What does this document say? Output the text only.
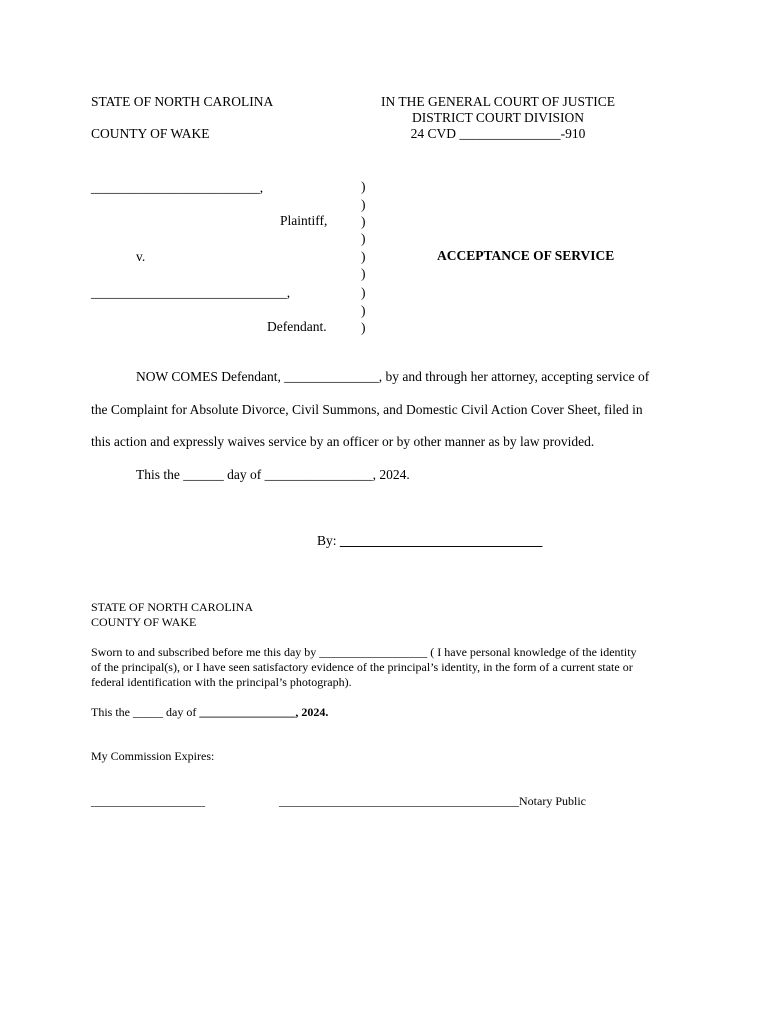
STATE OF NORTH CAROLINA
COUNTY OF WAKE
IN THE GENERAL COURT OF JUSTICE
DISTRICT COURT DIVISION
24 CVD _______________-910
_________________________,
Plaintiff,
v.
_____________________________,
Defendant.
)
)
)
)
)
)
)
)
)
ACCEPTANCE OF SERVICE
NOW COMES Defendant, ______________, by and through her attorney, accepting service of
the Complaint for Absolute Divorce, Civil Summons, and Domestic Civil Action Cover Sheet, filed in
this action and expressly waives service by an officer or by other manner as by law provided.
This the ______ day of ________________, 2024.
By: ______________________________
STATE OF NORTH CAROLINA
COUNTY OF WAKE
Sworn to and subscribed before me this day by __________________ ( I have personal knowledge of the identity
of the principal(s), or I have seen satisfactory evidence of the principal’s identity, in the form of a current state or
federal identification with the principal’s photograph).
This the _____ day of ________________, 2024.
My Commission Expires:
___________________	________________________________________Notary Public
